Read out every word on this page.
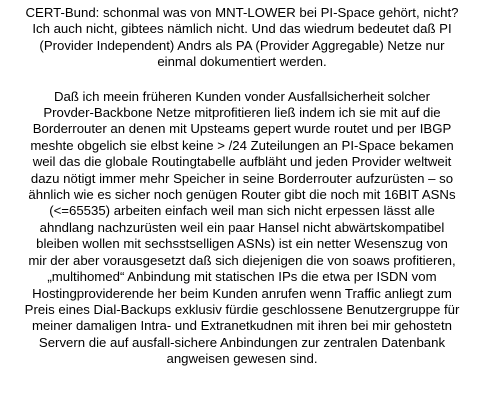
CERT-Bund: schonmal was von MNT-LOWER bei PI-Space gehört, nicht?
Ich auch nicht, gibtees nämlich nicht. Und das wiedrum bedeutet daß PI
(Provider Independent) Andrs als PA (Provider Aggregable) Netze nur
einmal dokumentiert werden.

Daß ich meein früheren Kunden vonder Ausfallsicherheit solcher
Provder-Backbone Netze mitprofitieren ließ indem ich sie mit auf die
Borderrouter an denen mit Upsteams gepert wurde routet und per IBGP
meshte obgelich sie elbst keine > /24 Zuteilungen an PI-Space bekamen
weil das die globale Routingtabelle aufbläht und jeden Provider weltweit
dazu nötigt immer mehr Speicher in seine Borderrouter aufzurüsten – so
ähnlich wie es sicher noch genügen Router gibt die noch mit 16BIT ASNs
(<=65535) arbeiten einfach weil man sich nicht erpessen lässt alle
ahndlang nachzurüsten weil ein paar Hansel nicht abwärtskompatibel
bleiben wollen mit sechsstselligen ASNs) ist ein netter Wesenszug von
mir der aber vorausgesetzt daß sich diejenigen die von soaws profitieren,
„multihomed“ Anbindung mit statischen IPs die etwa per ISDN vom
Hostingproviderende her beim Kunden anrufen wenn Traffic anliegt zum
Preis eines Dial-Backups exklusiv fürdie geschlossene Benutzergruppe für
meiner damaligen Intra- und Extranetkudnen mit ihren bei mir gehostetn
Servern die auf ausfall-sichere Anbindungen zur zentralen Datenbank
angweisen gewesen sind.
